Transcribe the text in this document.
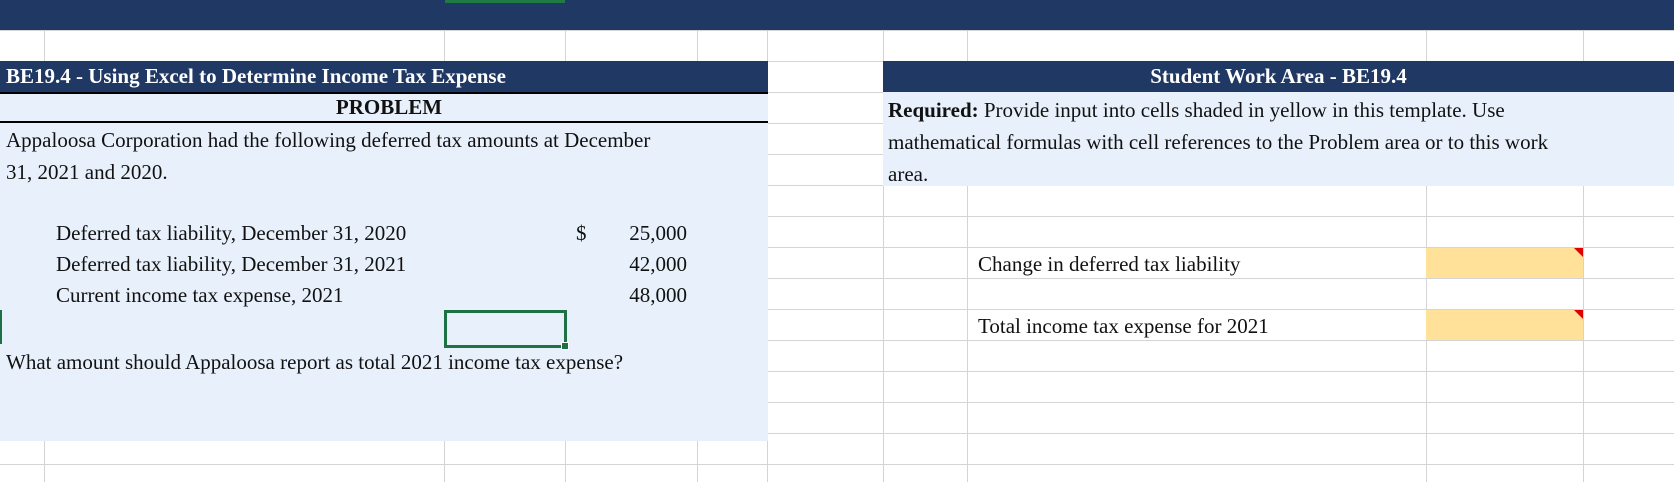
BE19.4 - Using Excel to Determine Income Tax Expense
PROBLEM
Appaloosa Corporation had the following deferred tax amounts at December
31, 2021 and 2020.
Deferred tax liability, December 31, 2020	$	25,000
Deferred tax liability, December 31, 2021	42,000
Current income tax expense, 2021	48,000
What amount should Appaloosa report as total 2021 income tax expense?
Student Work Area - BE19.4
Required: Provide input into cells shaded in yellow in this template. Use
mathematical formulas with cell references to the Problem area or to this work
area.
Change in deferred tax liability
Total income tax expense for 2021
